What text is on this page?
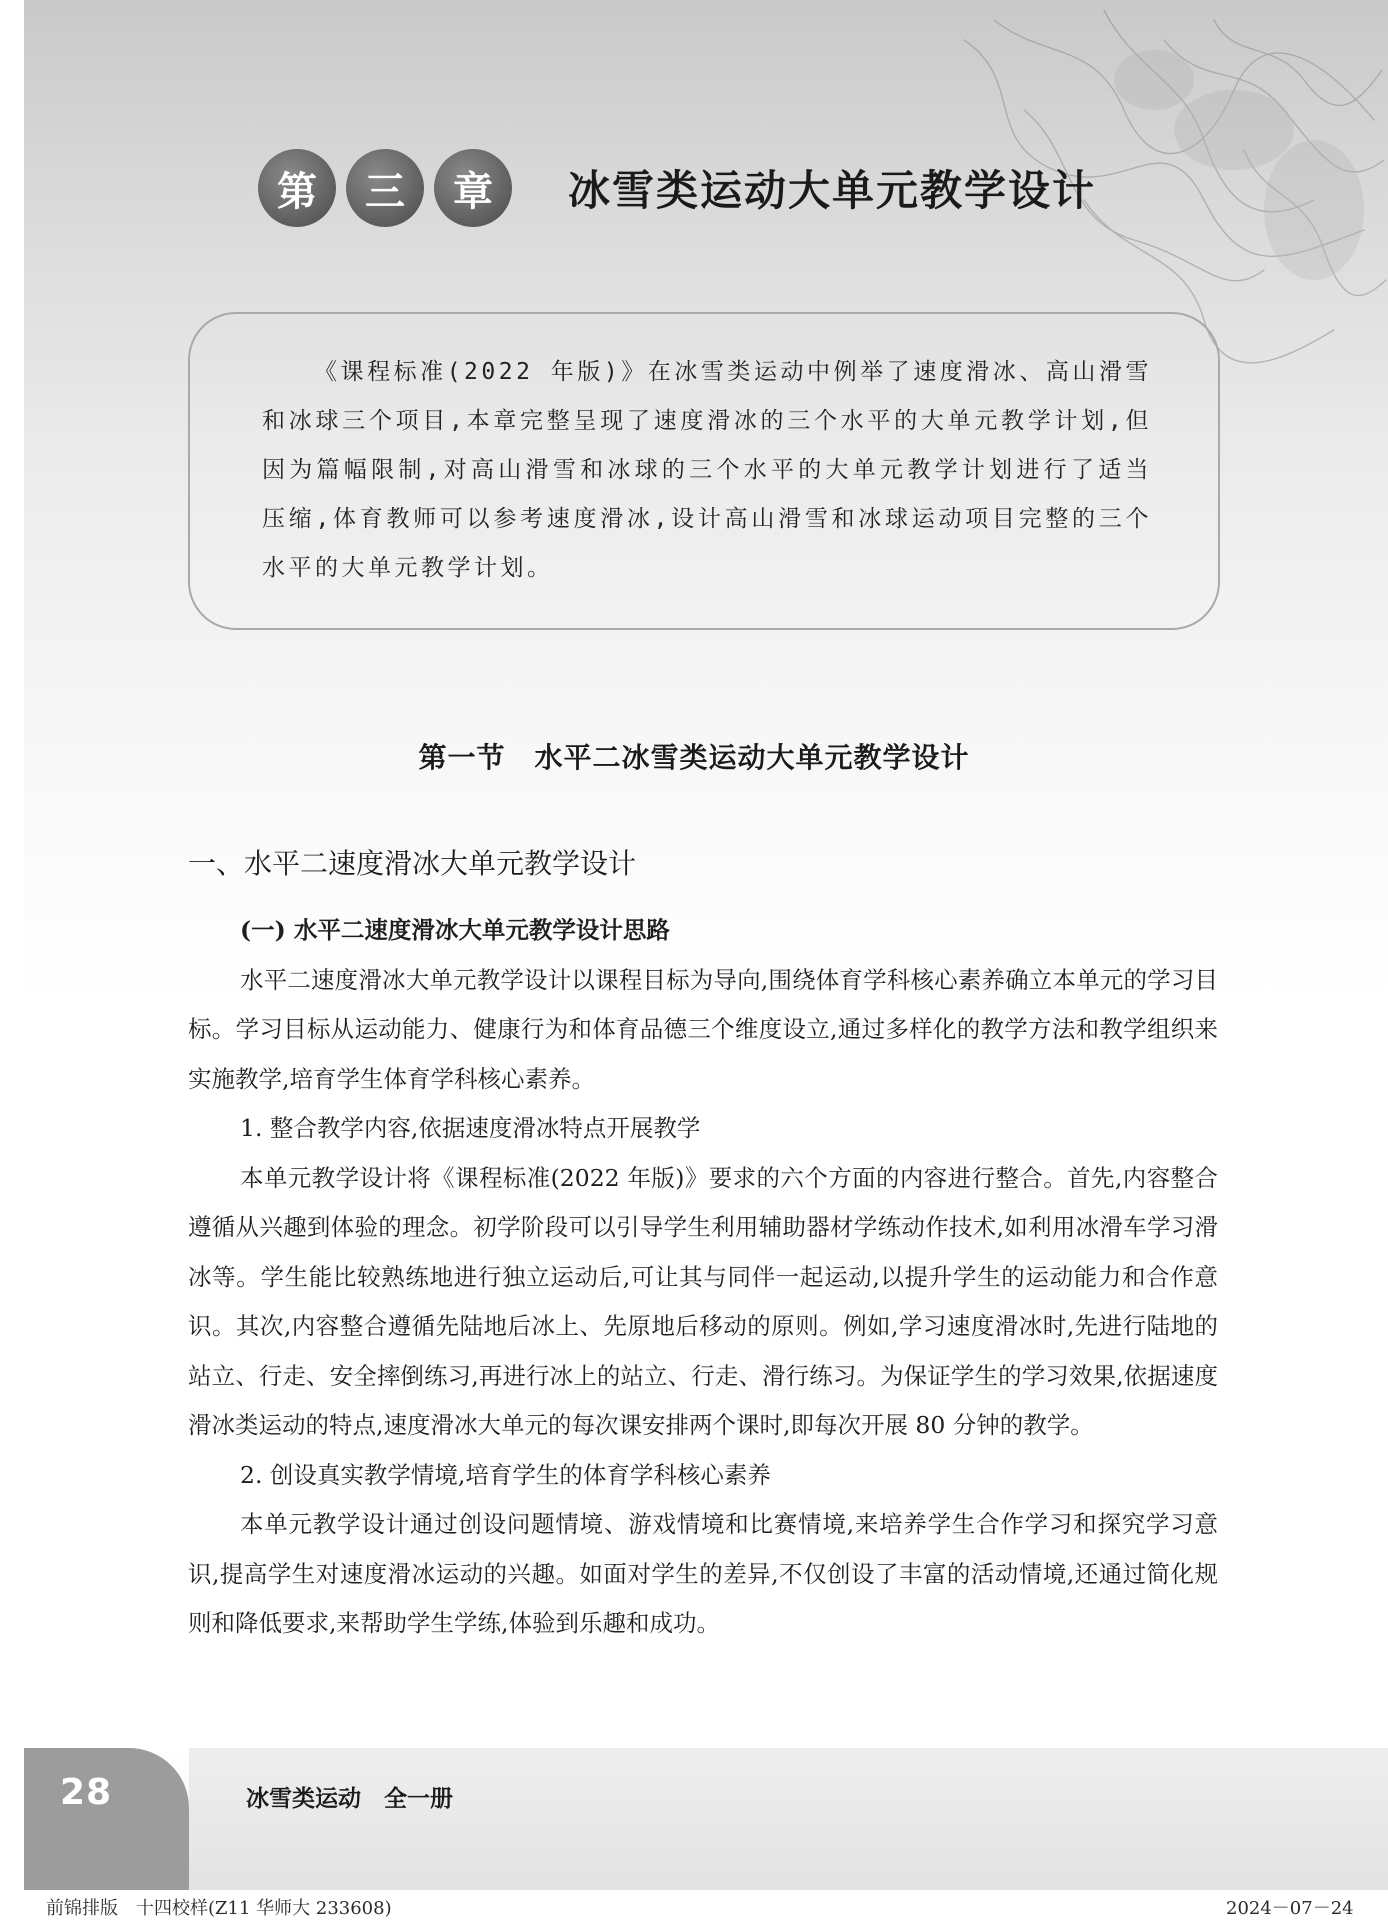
第	三	章	冰雪类运动大单元教学设计

《课程标准(2022 年版)》在冰雪类运动中例举了速度滑冰、高山滑雪和冰球三个项目,本章完整呈现了速度滑冰的三个水平的大单元教学计划,但因为篇幅限制,对高山滑雪和冰球的三个水平的大单元教学计划进行了适当压缩,体育教师可以参考速度滑冰,设计高山滑雪和冰球运动项目完整的三个水平的大单元教学计划。

第一节　水平二冰雪类运动大单元教学设计
一、水平二速度滑冰大单元教学设计

(一) 水平二速度滑冰大单元教学设计思路

水平二速度滑冰大单元教学设计以课程目标为导向,围绕体育学科核心素养确立本单元的学习目标。学习目标从运动能力、健康行为和体育品德三个维度设立,通过多样化的教学方法和教学组织来实施教学,培育学生体育学科核心素养。

1. 整合教学内容,依据速度滑冰特点开展教学

本单元教学设计将《课程标准(2022 年版)》要求的六个方面的内容进行整合。首先,内容整合遵循从兴趣到体验的理念。初学阶段可以引导学生利用辅助器材学练动作技术,如利用冰滑车学习滑冰等。学生能比较熟练地进行独立运动后,可让其与同伴一起运动,以提升学生的运动能力和合作意识。其次,内容整合遵循先陆地后冰上、先原地后移动的原则。例如,学习速度滑冰时,先进行陆地的站立、行走、安全摔倒练习,再进行冰上的站立、行走、滑行练习。为保证学生的学习效果,依据速度滑冰类运动的特点,速度滑冰大单元的每次课安排两个课时,即每次开展 80 分钟的教学。

2. 创设真实教学情境,培育学生的体育学科核心素养

本单元教学设计通过创设问题情境、游戏情境和比赛情境,来培养学生合作学习和探究学习意识,提高学生对速度滑冰运动的兴趣。如面对学生的差异,不仅创设了丰富的活动情境,还通过简化规则和降低要求,来帮助学生学练,体验到乐趣和成功。

28	冰雪类运动　全一册
前锦排版　十四校样(Z11 华师大 233608)	2024－07－24
